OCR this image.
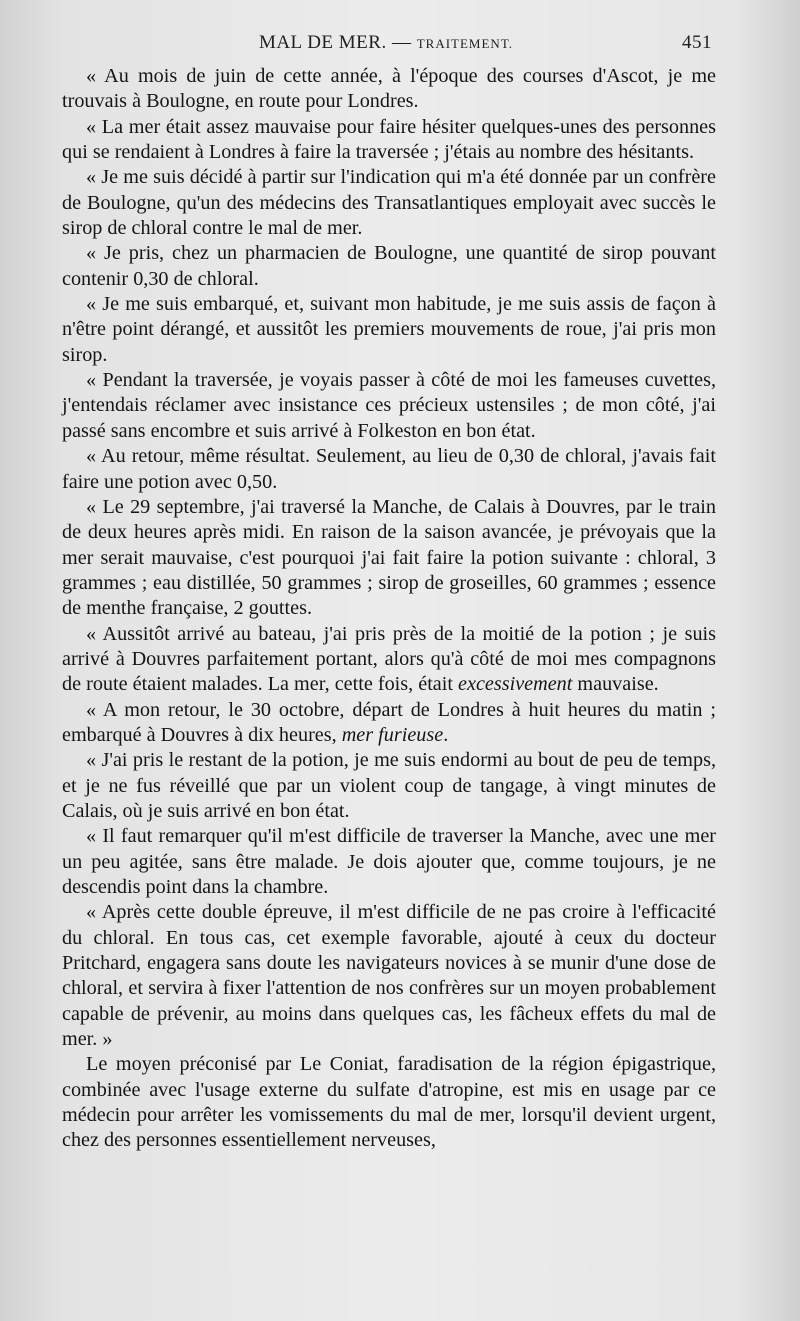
MAL DE MER. — TRAITEMENT.	451

« Au mois de juin de cette année, à l'époque des courses d'Ascot, je me trouvais à Boulogne, en route pour Londres.

« La mer était assez mauvaise pour faire hésiter quelques-unes des personnes qui se rendaient à Londres à faire la traversée ; j'étais au nombre des hésitants.

« Je me suis décidé à partir sur l'indication qui m'a été donnée par un confrère de Boulogne, qu'un des médecins des Transatlantiques employait avec succès le sirop de chloral contre le mal de mer.

« Je pris, chez un pharmacien de Boulogne, une quantité de sirop pouvant contenir 0,30 de chloral.

« Je me suis embarqué, et, suivant mon habitude, je me suis assis de façon à n'être point dérangé, et aussitôt les premiers mouvements de roue, j'ai pris mon sirop.

« Pendant la traversée, je voyais passer à côté de moi les fameuses cuvettes, j'entendais réclamer avec insistance ces précieux ustensiles ; de mon côté, j'ai passé sans encombre et suis arrivé à Folkeston en bon état.

« Au retour, même résultat. Seulement, au lieu de 0,30 de chloral, j'avais fait faire une potion avec 0,50.

« Le 29 septembre, j'ai traversé la Manche, de Calais à Douvres, par le train de deux heures après midi. En raison de la saison avancée, je prévoyais que la mer serait mauvaise, c'est pourquoi j'ai fait faire la potion suivante : chloral, 3 grammes ; eau distillée, 50 grammes ; sirop de groseilles, 60 grammes ; essence de menthe française, 2 gouttes.

« Aussitôt arrivé au bateau, j'ai pris près de la moitié de la potion ; je suis arrivé à Douvres parfaitement portant, alors qu'à côté de moi mes compagnons de route étaient malades. La mer, cette fois, était excessivement mauvaise.

« A mon retour, le 30 octobre, départ de Londres à huit heures du matin ; embarqué à Douvres à dix heures, mer furieuse.

« J'ai pris le restant de la potion, je me suis endormi au bout de peu de temps, et je ne fus réveillé que par un violent coup de tangage, à vingt minutes de Calais, où je suis arrivé en bon état.

« Il faut remarquer qu'il m'est difficile de traverser la Manche, avec une mer un peu agitée, sans être malade. Je dois ajouter que, comme toujours, je ne descendis point dans la chambre.

« Après cette double épreuve, il m'est difficile de ne pas croire à l'efficacité du chloral. En tous cas, cet exemple favorable, ajouté à ceux du docteur Pritchard, engagera sans doute les navigateurs novices à se munir d'une dose de chloral, et servira à fixer l'attention de nos confrères sur un moyen probablement capable de prévenir, au moins dans quelques cas, les fâcheux effets du mal de mer. »

Le moyen préconisé par Le Coniat, faradisation de la région épigastrique, combinée avec l'usage externe du sulfate d'atropine, est mis en usage par ce médecin pour arrêter les vomissements du mal de mer, lorsqu'il devient urgent, chez des personnes essentiellement nerveuses,
